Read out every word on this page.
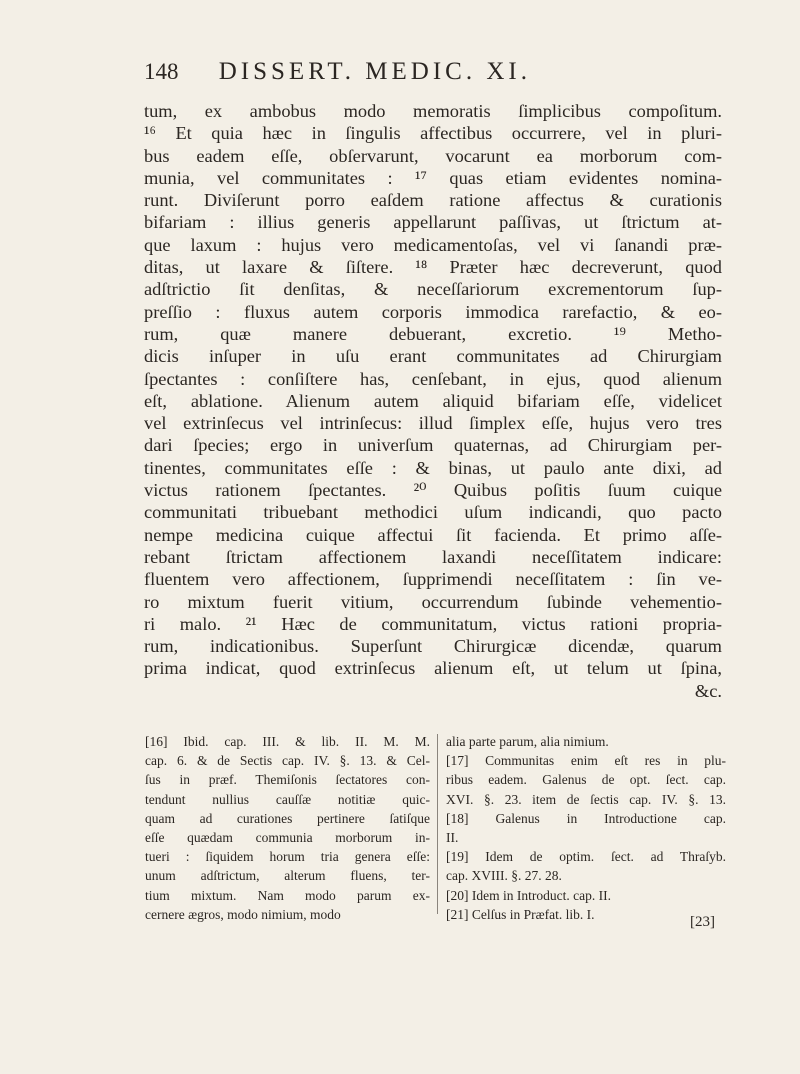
148 DISSERT. MEDIC. XI.
tum, ex ambobus modo memoratis ſimplicibus compoſitum.
¹⁶ Et quia hæc in ſingulis affectibus occurrere, vel in pluri-
bus eadem eſſe, obſervarunt, vocarunt ea morborum com-
munia, vel communitates : ¹⁷ quas etiam evidentes nomina-
runt. Diviſerunt porro eaſdem ratione affectus & curationis
bifariam : illius generis appellarunt paſſivas, ut ſtrictum at-
que laxum : hujus vero medicamentoſas, vel vi ſanandi præ-
ditas, ut laxare & ſiſtere. ¹⁸ Præter hæc decreverunt, quod
adſtrictio ſit denſitas, & neceſſariorum excrementorum ſup-
preſſio : fluxus autem corporis immodica rarefactio, & eo-
rum, quæ manere debuerant, excretio. ¹⁹ Metho-
dicis inſuper in uſu erant communitates ad Chirurgiam
ſpectantes : conſiſtere has, cenſebant, in ejus, quod alienum
eſt, ablatione. Alienum autem aliquid bifariam eſſe, videlicet
vel extrinſecus vel intrinſecus: illud ſimplex eſſe, hujus vero tres
dari ſpecies; ergo in univerſum quaternas, ad Chirurgiam per-
tinentes, communitates eſſe : & binas, ut paulo ante dixi, ad
victus rationem ſpectantes. ²⁰ Quibus poſitis ſuum cuique
communitati tribuebant methodici uſum indicandi, quo pacto
nempe medicina cuique affectui ſit facienda. Et primo aſſe-
rebant ſtrictam affectionem laxandi neceſſitatem indicare:
fluentem vero affectionem, ſupprimendi neceſſitatem : ſin ve-
ro mixtum fuerit vitium, occurrendum ſubinde vehementio-
ri malo. ²¹ Hæc de communitatum, victus rationi propria-
rum, indicationibus. Superſunt Chirurgicæ dicendæ, quarum
prima indicat, quod extrinſecus alienum eſt, ut telum ut ſpina,
&c.
[16] Ibid. cap. III. & lib. II. M. M.
cap. 6. & de Sectis cap. IV. §. 13. & Cel-
ſus in præf. Themiſonis ſectatores con-
tendunt nullius cauſſæ notitiæ quic-
quam ad curationes pertinere ſatiſque
eſſe quædam communia morborum in-
tueri : ſiquidem horum tria genera eſſe:
unum adſtrictum, alterum fluens, ter-
tium mixtum. Nam modo parum ex-
cernere ægros, modo nimium, modo
alia parte parum, alia nimium.
[17] Communitas enim eſt res in plu-
ribus eadem. Galenus de opt. ſect. cap.
XVI. §. 23. item de ſectis cap. IV. §. 13.
[18] Galenus in Introductione cap.
II.
[19] Idem de optim. ſect. ad Thraſyb.
cap. XVIII. §. 27. 28.
[20] Idem in Introduct. cap. II.
[21] Celſus in Præfat. lib. I.	[23]
